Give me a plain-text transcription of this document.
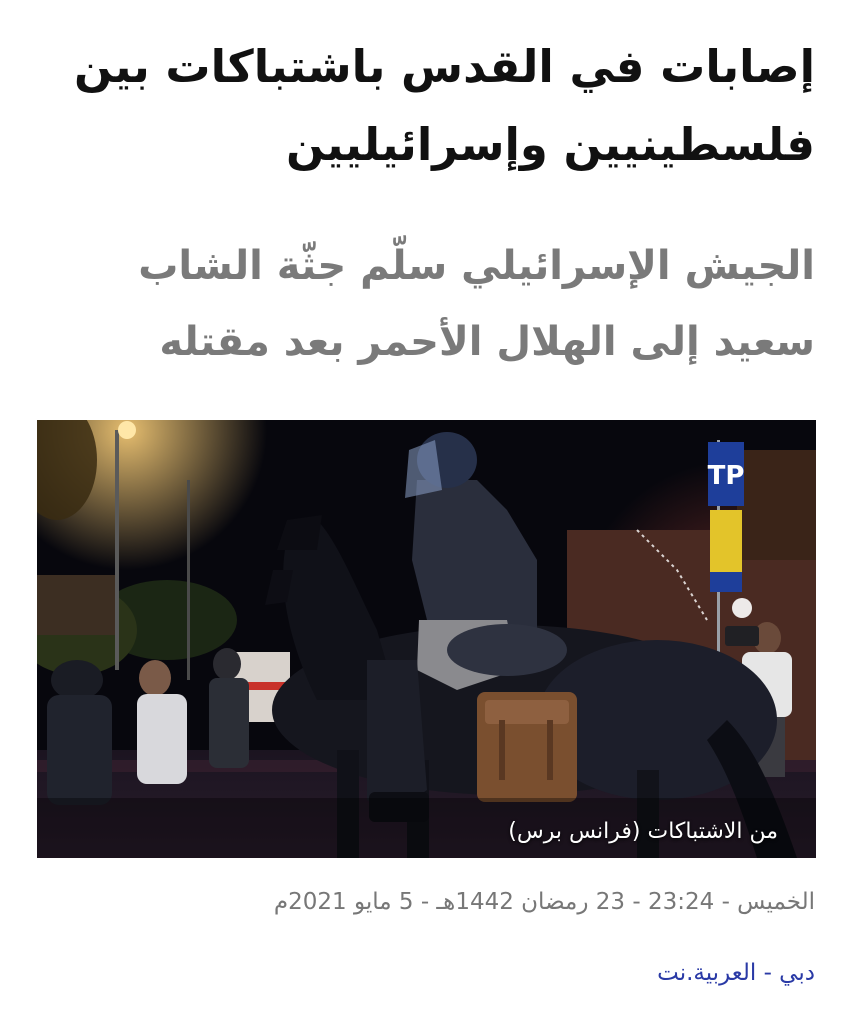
إصابات في القدس باشتباكات بين فلسطينيين وإسرائيليين
الجيش الإسرائيلي سلّم جثّة الشاب سعيد إلى الهلال الأحمر بعد مقتله
TP
من الاشتباكات (فرانس برس)
الخميس - 23:24 - 23 رمضان 1442هـ - 5 مايو 2021م
دبي - العربية.نت
